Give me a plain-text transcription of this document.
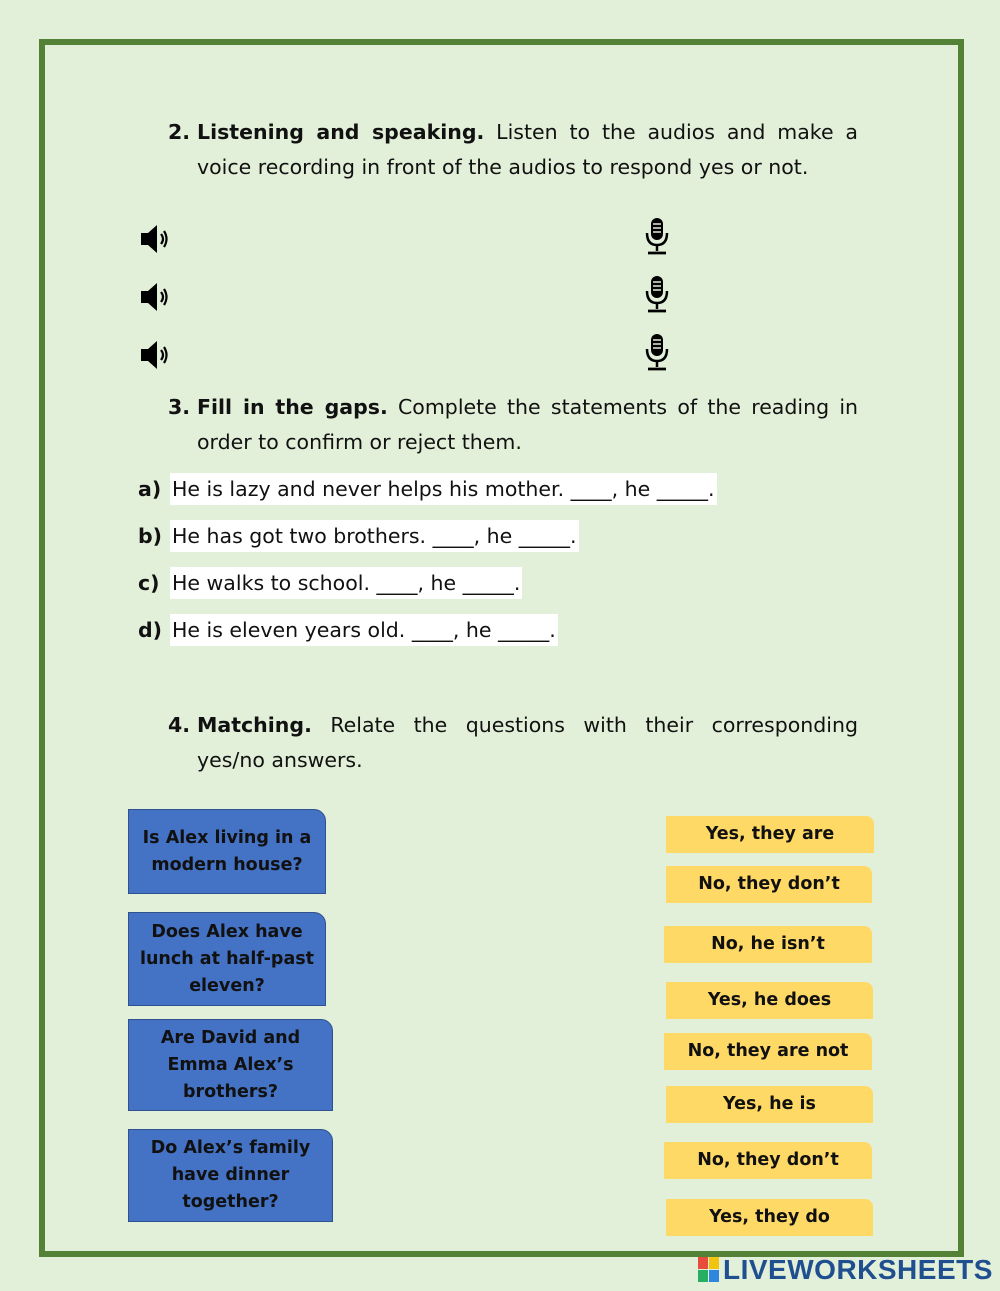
2. Listening and speaking. Listen to the audios and make a voice recording in front of the audios to respond yes or not.
3. Fill in the gaps. Complete the statements of the reading in order to confirm or reject them.
a) He is lazy and never helps his mother. ____, he _____.
b) He has got two brothers. ____, he _____.
c)He walks to school. ____, he _____.
d) He is eleven years old. ____, he _____.
4. Matching. Relate the questions with their corresponding yes/no answers.
Is Alex living in a modern house?
Does Alex have lunch at half-past eleven?
Are David and Emma Alex’s brothers?
Do Alex’s family have dinner together?
Yes, they are
No, they don’t
No, he isn’t
Yes, he does
No, they are not
Yes, he is
No, they don’t
Yes, they do
LIVEWORKSHEETS
